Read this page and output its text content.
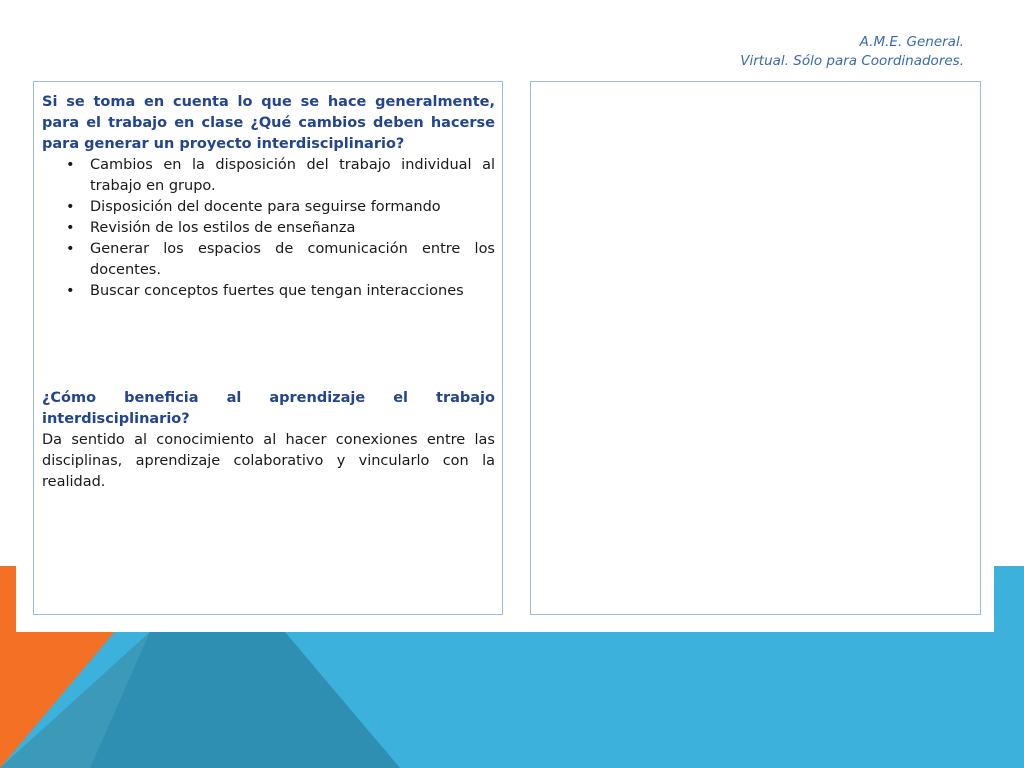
A.M.E. General.
Virtual. Sólo para Coordinadores.

Si se toma en cuenta lo que se hace generalmente, para el trabajo en clase ¿Qué cambios deben hacerse para generar un proyecto interdisciplinario?

• Cambios en la disposición del trabajo individual al trabajo en grupo.
• Disposición del docente para seguirse formando
• Revisión de los estilos de enseñanza
• Generar los espacios de comunicación entre los docentes.
• Buscar conceptos fuertes que tengan interacciones

¿Cómo beneficia al aprendizaje el trabajo interdisciplinario?

Da sentido al conocimiento al hacer conexiones entre las disciplinas, aprendizaje colaborativo y vincularlo con la realidad.
